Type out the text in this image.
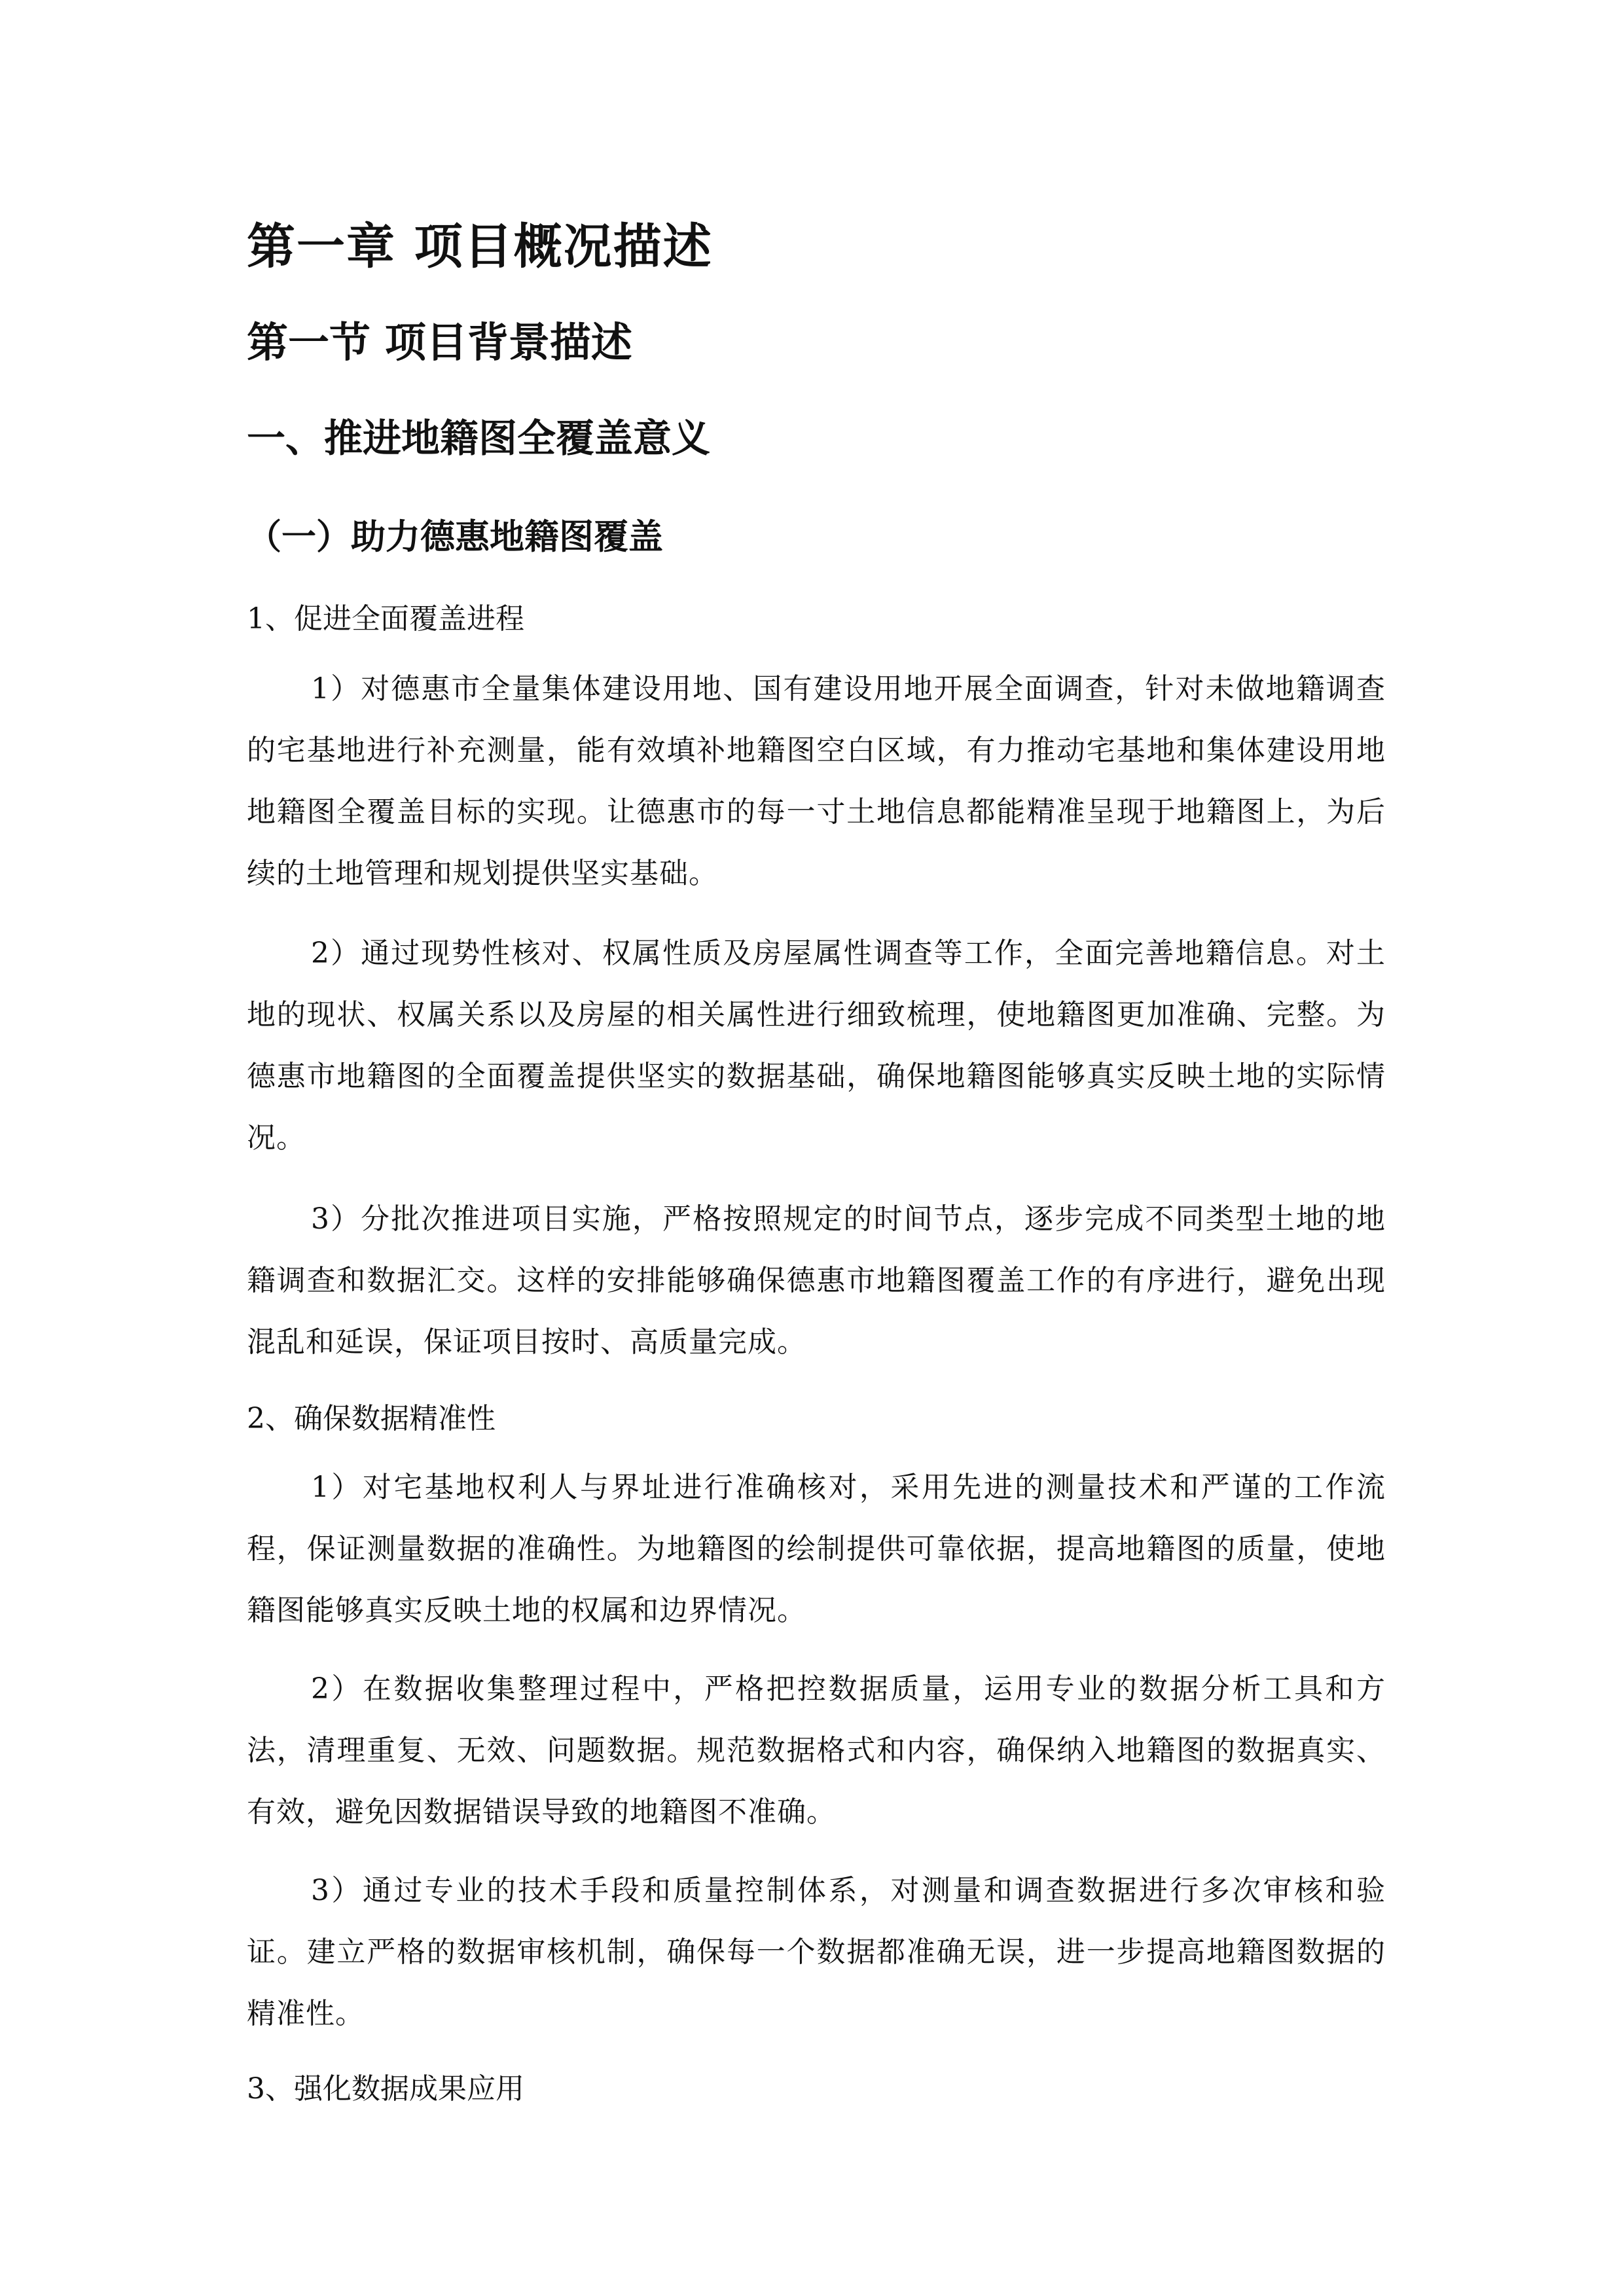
第一章 项目概况描述
第一节 项目背景描述
一、推进地籍图全覆盖意义
（一）助力德惠地籍图覆盖
1、促进全面覆盖进程

1）对德惠市全量集体建设用地、国有建设用地开展全面调查，针对未做地籍调查的宅基地进行补充测量，能有效填补地籍图空白区域，有力推动宅基地和集体建设用地地籍图全覆盖目标的实现。让德惠市的每一寸土地信息都能精准呈现于地籍图上，为后续的土地管理和规划提供坚实基础。

2）通过现势性核对、权属性质及房屋属性调查等工作，全面完善地籍信息。对土地的现状、权属关系以及房屋的相关属性进行细致梳理，使地籍图更加准确、完整。为德惠市地籍图的全面覆盖提供坚实的数据基础，确保地籍图能够真实反映土地的实际情况。

3）分批次推进项目实施，严格按照规定的时间节点，逐步完成不同类型土地的地籍调查和数据汇交。这样的安排能够确保德惠市地籍图覆盖工作的有序进行，避免出现混乱和延误，保证项目按时、高质量完成。

2、确保数据精准性

1）对宅基地权利人与界址进行准确核对，采用先进的测量技术和严谨的工作流程，保证测量数据的准确性。为地籍图的绘制提供可靠依据，提高地籍图的质量，使地籍图能够真实反映土地的权属和边界情况。

2）在数据收集整理过程中，严格把控数据质量，运用专业的数据分析工具和方法，清理重复、无效、问题数据。规范数据格式和内容，确保纳入地籍图的数据真实、有效，避免因数据错误导致的地籍图不准确。

3）通过专业的技术手段和质量控制体系，对测量和调查数据进行多次审核和验证。建立严格的数据审核机制，确保每一个数据都准确无误，进一步提高地籍图数据的精准性。

3、强化数据成果应用
